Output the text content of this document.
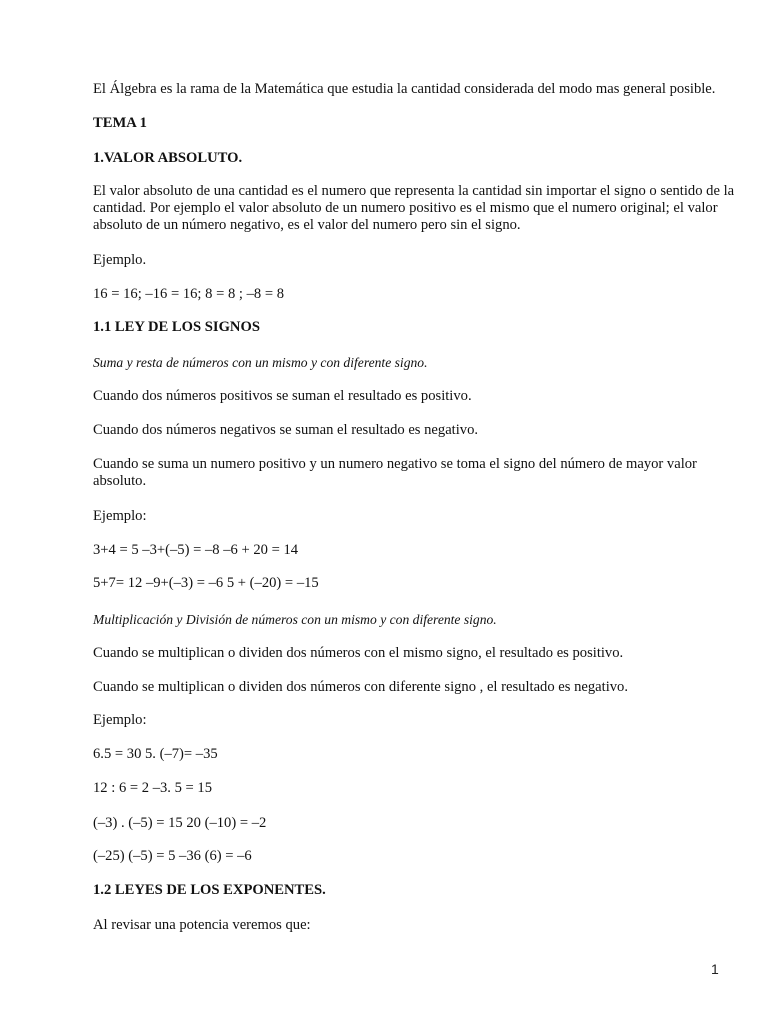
El Álgebra es la rama de la Matemática que estudia la cantidad considerada del modo mas general posible.

TEMA 1

1.VALOR ABSOLUTO.

El valor absoluto de una cantidad es el numero que representa la cantidad sin importar el signo o sentido de la

cantidad. Por ejemplo el valor absoluto de un numero positivo es el mismo que el numero original; el valor

absoluto de un número negativo, es el valor del numero pero sin el signo.

Ejemplo.

16 = 16; –16 = 16; 8 = 8 ; –8 = 8

1.1 LEY DE LOS SIGNOS

Suma y resta de números con un mismo y con diferente signo.

Cuando dos números positivos se suman el resultado es positivo.

Cuando dos números negativos se suman el resultado es negativo.

Cuando se suma un numero positivo y un numero negativo se toma el signo del número de mayor valor

absoluto.

Ejemplo:

3+4 = 5 –3+(–5) = –8 –6 + 20 = 14

5+7= 12 –9+(–3) = –6 5 + (–20) = –15

Multiplicación y División de números con un mismo y con diferente signo.

Cuando se multiplican o dividen dos números con el mismo signo, el resultado es positivo.

Cuando se multiplican o dividen dos números con diferente signo , el resultado es negativo.

Ejemplo:

6.5 = 30 5. (–7)= –35

12 : 6 = 2 –3. 5 = 15

(–3) . (–5) = 15 20 (–10) = –2

(–25) (–5) = 5 –36 (6) = –6

1.2 LEYES DE LOS EXPONENTES.

Al revisar una potencia veremos que:

1
